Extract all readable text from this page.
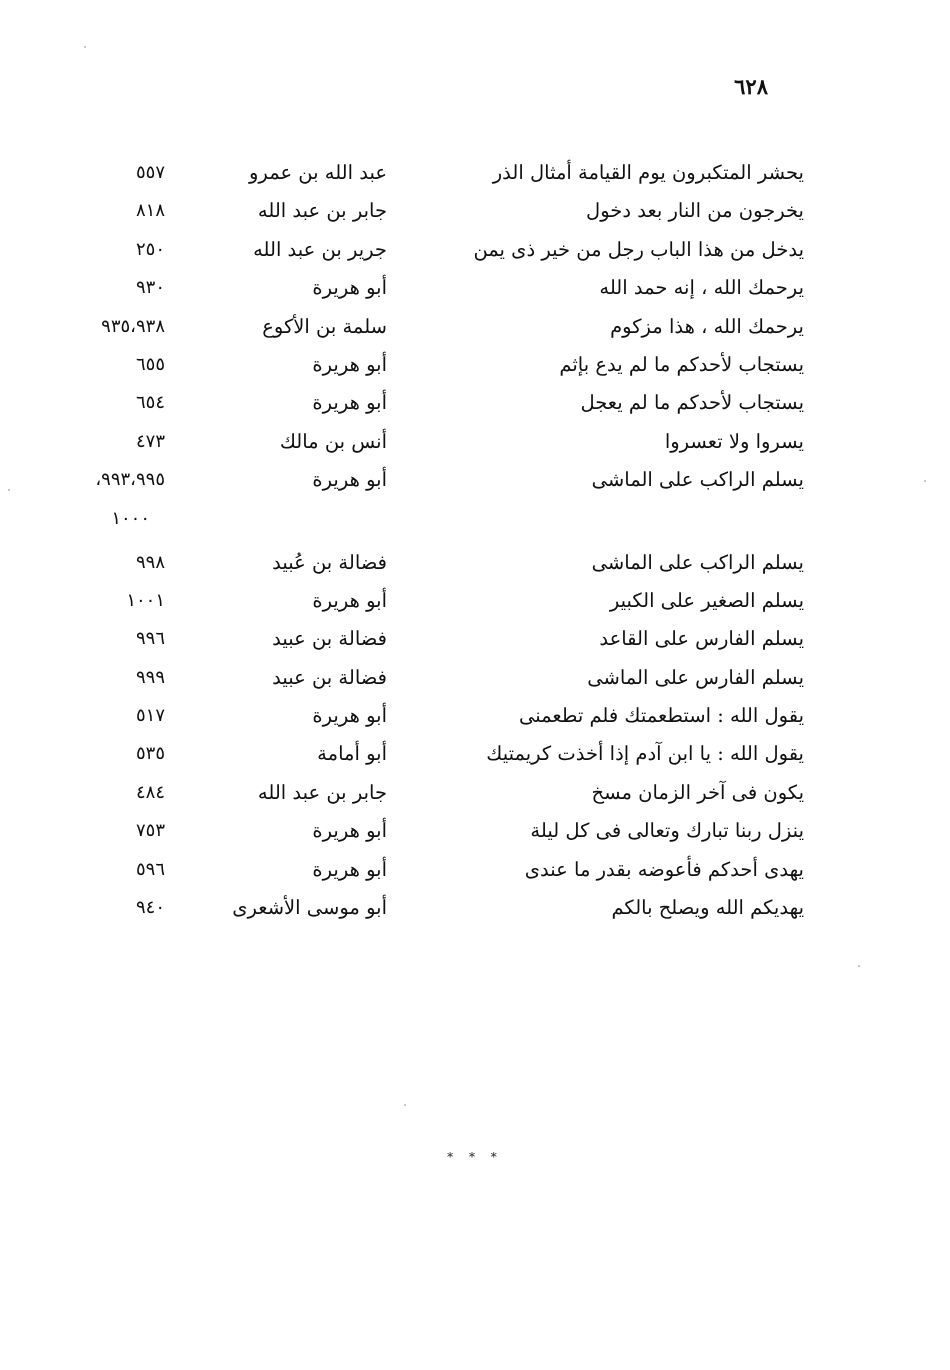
٦٢٨
يحشر المتكبرون يوم القيامة أمثال الذر
عبد الله بن عمرو
٥٥٧
يخرجون من النار بعد دخول
جابر بن عبد الله
٨١٨
يدخل من هذا الباب رجل من خير ذى يمن
جرير بن عبد الله
٢٥٠
يرحمك الله ، إنه حمد الله
أبو هريرة
٩٣٠
يرحمك الله ، هذا مزكوم
سلمة بن الأكوع
٩٣٥،٩٣٨
يستجاب لأحدكم ما لم يدع بإثم
أبو هريرة
٦٥٥
يستجاب لأحدكم ما لم يعجل
أبو هريرة
٦٥٤
يسروا ولا تعسروا
أنس بن مالك
٤٧٣
يسلم الراكب على الماشى
أبو هريرة
٩٩٣،٩٩٥،
١٠٠٠
يسلم الراكب على الماشى
فضالة بن عُبيد
٩٩٨
يسلم الصغير على الكبير
أبو هريرة
١٠٠١
يسلم الفارس على القاعد
فضالة بن عبيد
٩٩٦
يسلم الفارس على الماشى
فضالة بن عبيد
٩٩٩
يقول الله : استطعمتك فلم تطعمنى
أبو هريرة
٥١٧
يقول الله : يا ابن آدم إذا أخذت كريمتيك
أبو أمامة
٥٣٥
يكون فى آخر الزمان مسخ
جابر بن عبد الله
٤٨٤
ينزل ربنا تبارك وتعالى فى كل ليلة
أبو هريرة
٧٥٣
يهدى أحدكم فأعوضه بقدر ما عندى
أبو هريرة
٥٩٦
يهديكم الله ويصلح بالكم
أبو موسى الأشعرى
٩٤٠
* * *
